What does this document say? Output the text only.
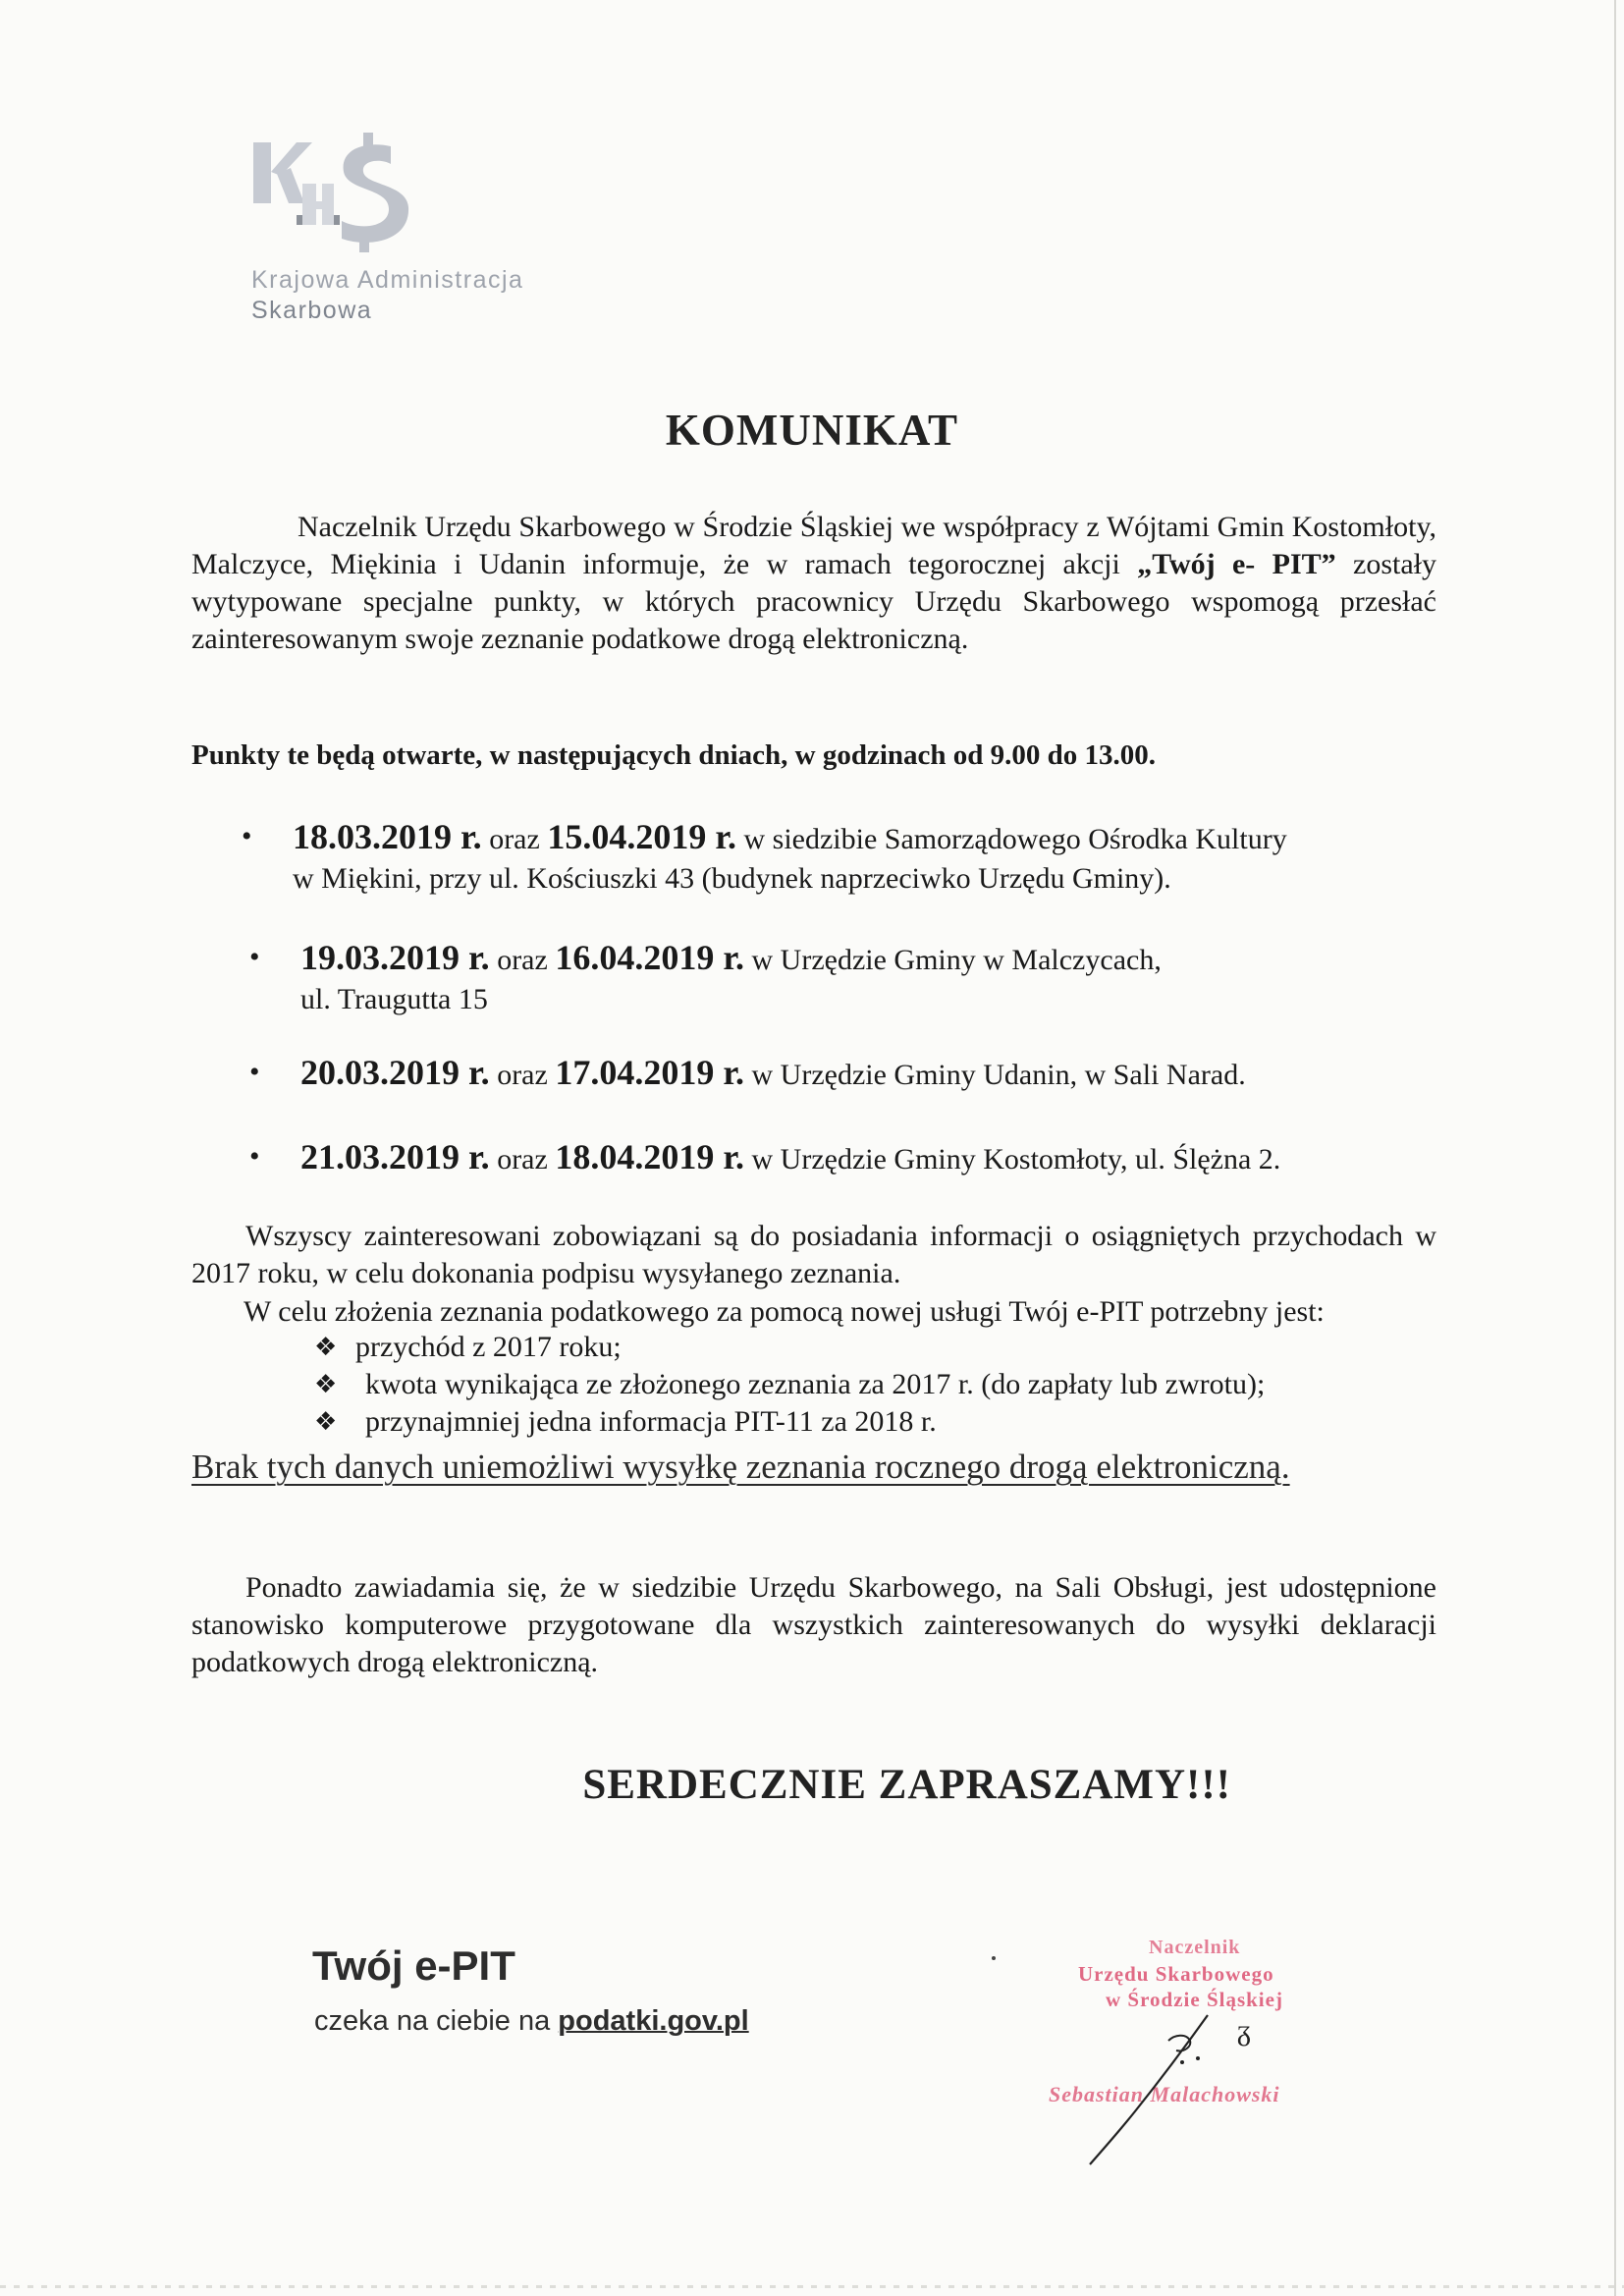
Krajowa Administracja
Skarbowa
KOMUNIKAT

Naczelnik Urzędu Skarbowego w Środzie Śląskiej we współpracy z Wójtami Gmin Kostomłoty, Malczyce, Miękinia i Udanin informuje, że w ramach tegorocznej akcji „Twój e- PIT” zostały wytypowane specjalne punkty, w których pracownicy Urzędu Skarbowego wspomogą przesłać zainteresowanym swoje zeznanie podatkowe drogą elektroniczną.

Punkty te będą otwarte, w następujących dniach, w godzinach od 9.00 do 13.00.

• 18.03.2019 r. oraz 15.04.2019 r. w siedzibie Samorządowego Ośrodka Kultury
w Miękini, przy ul. Kościuszki 43 (budynek naprzeciwko Urzędu Gminy).
• 19.03.2019 r. oraz 16.04.2019 r. w Urzędzie Gminy w Malczycach,
ul. Traugutta 15
• 20.03.2019 r. oraz 17.04.2019 r. w Urzędzie Gminy Udanin, w Sali Narad.
• 21.03.2019 r. oraz 18.04.2019 r. w Urzędzie Gminy Kostomłoty, ul. Ślężna 2.

Wszyscy zainteresowani zobowiązani są do posiadania informacji o osiągniętych przychodach w 2017 roku, w celu dokonania podpisu wysyłanego zeznania.

W celu złożenia zeznania podatkowego za pomocą nowej usługi Twój e-PIT potrzebny jest:

❖ przychód z 2017 roku;
❖ kwota wynikająca ze złożonego zeznania za 2017 r. (do zapłaty lub zwrotu);
❖ przynajmniej jedna informacja PIT-11 za 2018 r.

Brak tych danych uniemożliwi wysyłkę zeznania rocznego drogą elektroniczną.

Ponadto zawiadamia się, że w siedzibie Urzędu Skarbowego, na Sali Obsługi, jest udostępnione stanowisko komputerowe przygotowane dla wszystkich zainteresowanych do wysyłki deklaracji podatkowych drogą elektroniczną.

SERDECZNIE ZAPRASZAMY!!!

Twój e-PIT
czeka na ciebie na podatki.gov.pl
Naczelnik
Urzędu Skarbowego
w Środzie Śląskiej
Sebastian Malachowski
ᵹ
